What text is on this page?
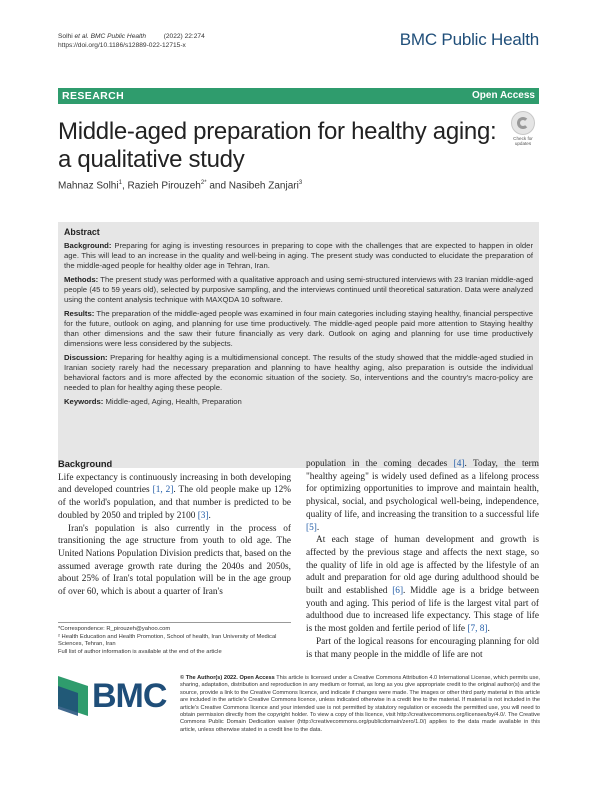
Solhi et al. BMC Public Health	(2022) 22:274
https://doi.org/10.1186/s12889-022-12715-x	BMC Public Health
RESEARCH	Open Access
Middle-aged preparation for healthy aging: a qualitative study
Check for updates
Mahnaz Solhi$^1$, Razieh Pirouzeh$^{2*}$ and Nasibeh Zanjari$^3$
Abstract

Background: Preparing for aging is investing resources in preparing to cope with the challenges that are expected to happen in older age. This will lead to an increase in the quality and well-being in aging. The present study was conducted to elucidate the preparation of the middle-aged people for healthy older age in Tehran, Iran.

Methods: The present study was performed with a qualitative approach and using semi-structured interviews with 23 Iranian middle-aged people (45 to 59 years old), selected by purposive sampling, and the interviews continued until theoretical saturation. Data were analyzed using the content analysis technique with MAXQDA 10 software.

Results: The preparation of the middle-aged people was examined in four main categories including staying healthy, financial perspective for the future, outlook on aging, and planning for use time productively. The middle-aged people paid more attention to Staying healthy than other dimensions and the saw their future financially as very dark. Outlook on aging and planning for use time productively dimensions were less considered by the subjects.

Discussion: Preparing for healthy aging is a multidimensional concept. The results of the study showed that the middle-aged studied in Iranian society rarely had the necessary preparation and planning to have healthy aging, also preparation is outside the individual behavioral factors and is more affected by the economic situation of the society. So, interventions and the country's macro-policy are needed to plan for healthy aging these people.

Keywords: Middle-aged, Aging, Health, Preparation

Background

Life expectancy is continuously increasing in both developing and developed countries [1, 2]. The old people make up 12% of the world's population, and that number is predicted to be doubled by 2050 and tripled by 2100 [3].

Iran's population is also currently in the process of transitioning the age structure from youth to old age. The United Nations Population Division predicts that, based on the assumed average growth rate during the 2040s and 2050s, about 25% of Iran's total population will be in the age group of over 60, which is about a quarter of Iran's

population in the coming decades [4]. Today, the term "healthy ageing" is widely used defined as a lifelong process for optimizing opportunities to improve and maintain health, physical, social, and psychological well-being, independence, quality of life, and increasing the transition to a successful life [5].

At each stage of human development and growth is affected by the previous stage and affects the next stage, so the quality of life in old age is affected by the lifestyle of an adult and preparation for old age during adulthood should be built and established [6]. Middle age is a bridge between youth and aging. This period of life is the largest vital part of adulthood due to increased life expectancy. This stage of life is the most golden and fertile period of life [7, 8].

Part of the logical reasons for encouraging planning for old is that many people in the middle of life are not

*Correspondence: R_pirouzeh@yahoo.com
² Health Education and Health Promotion, School of health, Iran University of Medical Sciences, Tehran, Iran
Full list of author information is available at the end of the article
BMC © The Author(s) 2022. Open Access This article is licensed under a Creative Commons Attribution 4.0 International License, which permits use, sharing, adaptation, distribution and reproduction in any medium or format, as long as you give appropriate credit to the original author(s) and the source, provide a link to the Creative Commons licence, and indicate if changes were made. The images or other third party material in this article are included in the article's Creative Commons licence, unless indicated otherwise in a credit line to the material. If material is not included in the article's Creative Commons licence and your intended use is not permitted by statutory regulation or exceeds the permitted use, you will need to obtain permission directly from the copyright holder. To view a copy of this licence, visit http://creativecommons.org/licenses/by/4.0/. The Creative Commons Public Domain Dedication waiver (http://creativecommons.org/publicdomain/zero/1.0/) applies to the data made available in this article, unless otherwise stated in a credit line to the data.
